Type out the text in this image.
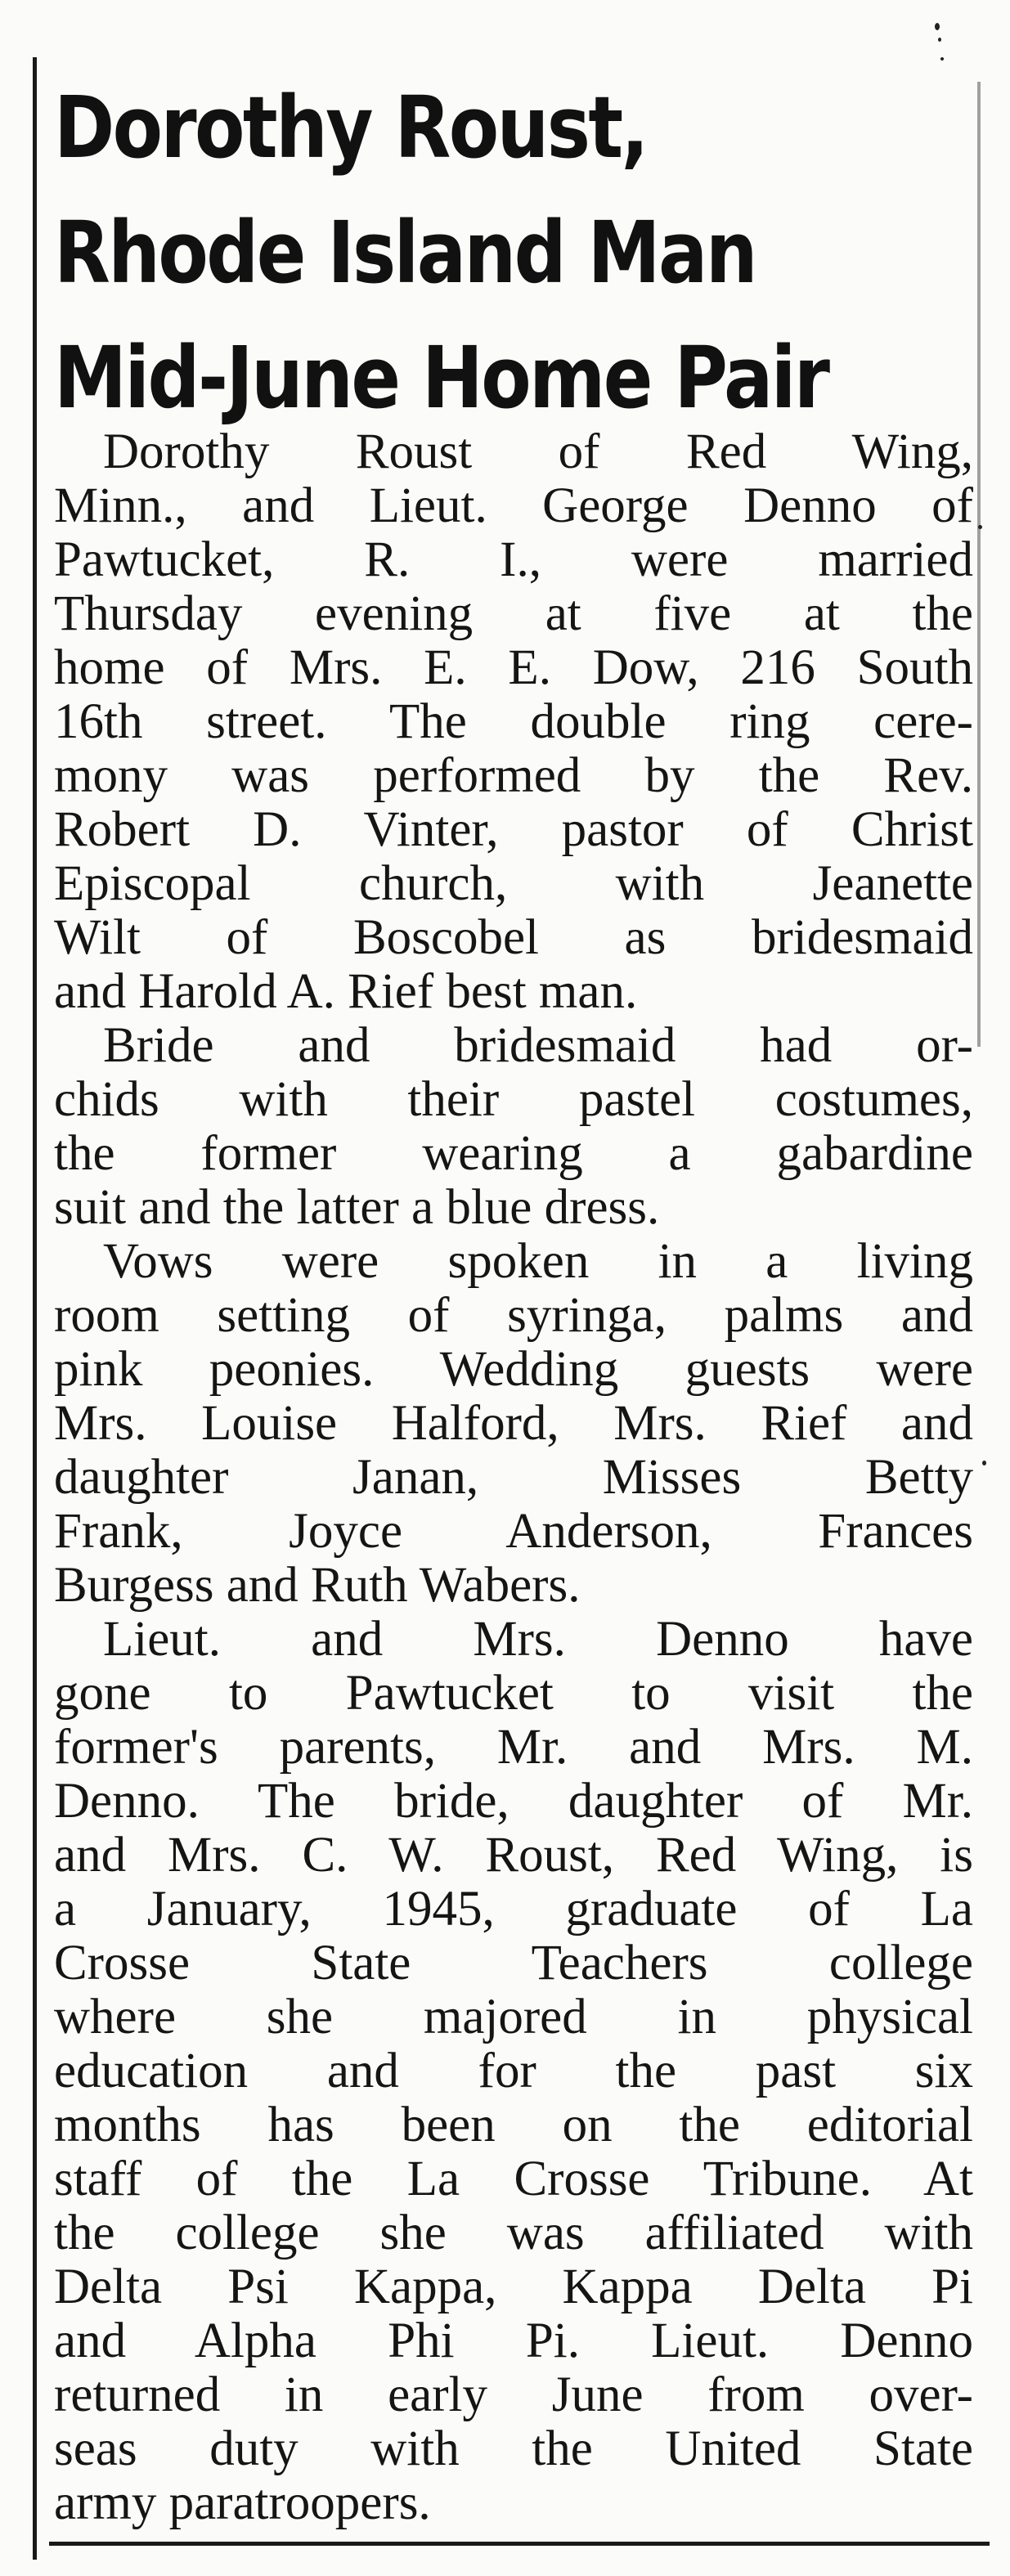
Dorothy Roust,
Rhode Island Man
Mid-June Home Pair
Dorothy Roust of Red Wing,
Minn., and Lieut. George Denno of
Pawtucket, R. I., were married
Thursday evening at five at the
home of Mrs. E. E. Dow, 216 South
16th street. The double ring cere-
mony was performed by the Rev.
Robert D. Vinter, pastor of Christ
Episcopal church, with Jeanette
Wilt of Boscobel as bridesmaid
and Harold A. Rief best man.
Bride and bridesmaid had or-
chids with their pastel costumes,
the former wearing a gabardine
suit and the latter a blue dress.
Vows were spoken in a living
room setting of syringa, palms and
pink peonies. Wedding guests were
Mrs. Louise Halford, Mrs. Rief and
daughter Janan, Misses Betty
Frank, Joyce Anderson, Frances
Burgess and Ruth Wabers.
Lieut. and Mrs. Denno have
gone to Pawtucket to visit the
former's parents, Mr. and Mrs. M.
Denno. The bride, daughter of Mr.
and Mrs. C. W. Roust, Red Wing, is
a January, 1945, graduate of La
Crosse State Teachers college
where she majored in physical
education and for the past six
months has been on the editorial
staff of the La Crosse Tribune. At
the college she was affiliated with
Delta Psi Kappa, Kappa Delta Pi
and Alpha Phi Pi. Lieut. Denno
returned in early June from over-
seas duty with the United State
army paratroopers.
